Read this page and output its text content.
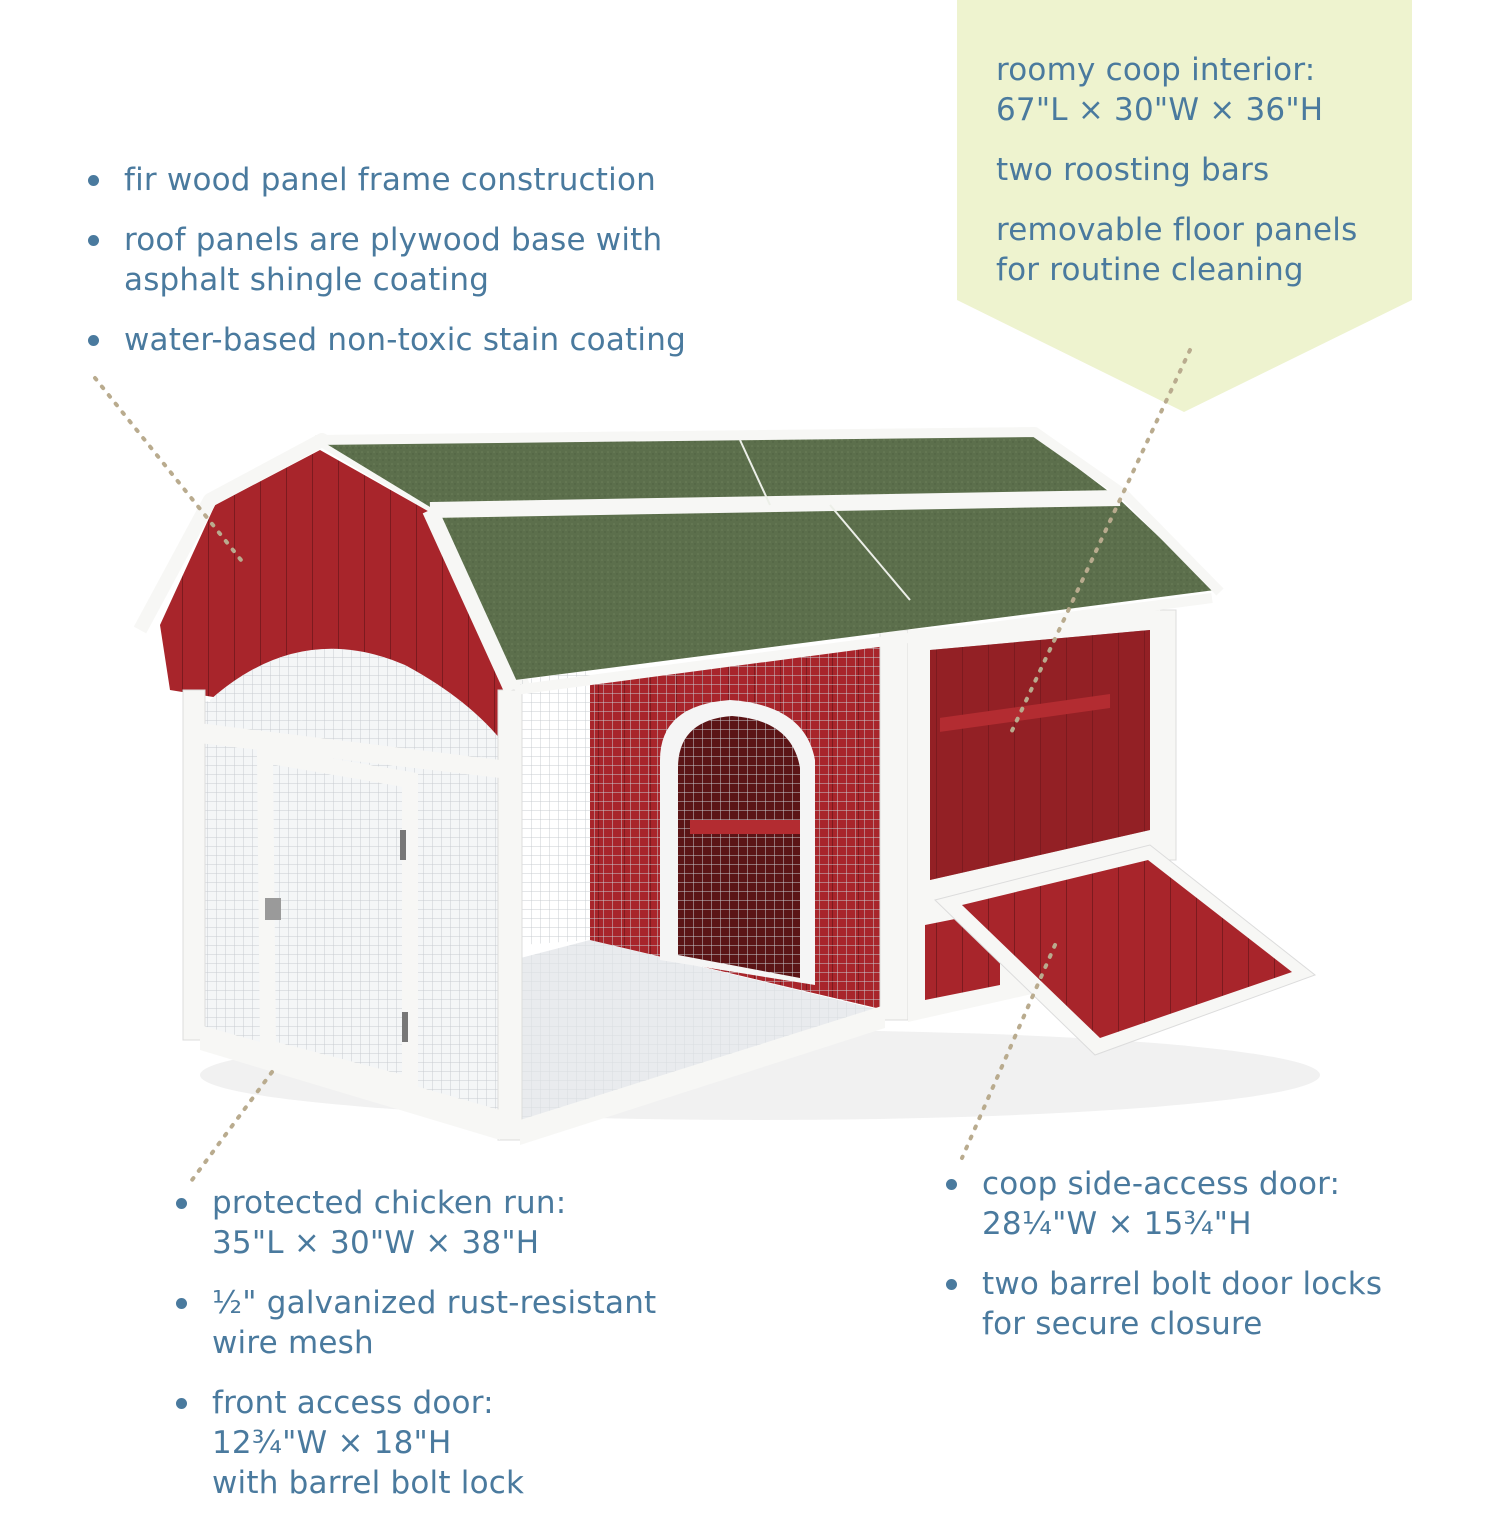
fir wood panel frame construction
roof panels are plywood base with
asphalt shingle coating
water-based non-toxic stain coating
roomy coop interior:
67"L × 30"W × 36"H
two roosting bars
removable floor panels
for routine cleaning
protected chicken run:
35"L × 30"W × 38"H
½" galvanized rust-resistant
wire mesh
front access door:
12¾"W × 18"H
with barrel bolt lock
coop side-access door:
28¼"W × 15¾"H
two barrel bolt door locks
for secure closure
